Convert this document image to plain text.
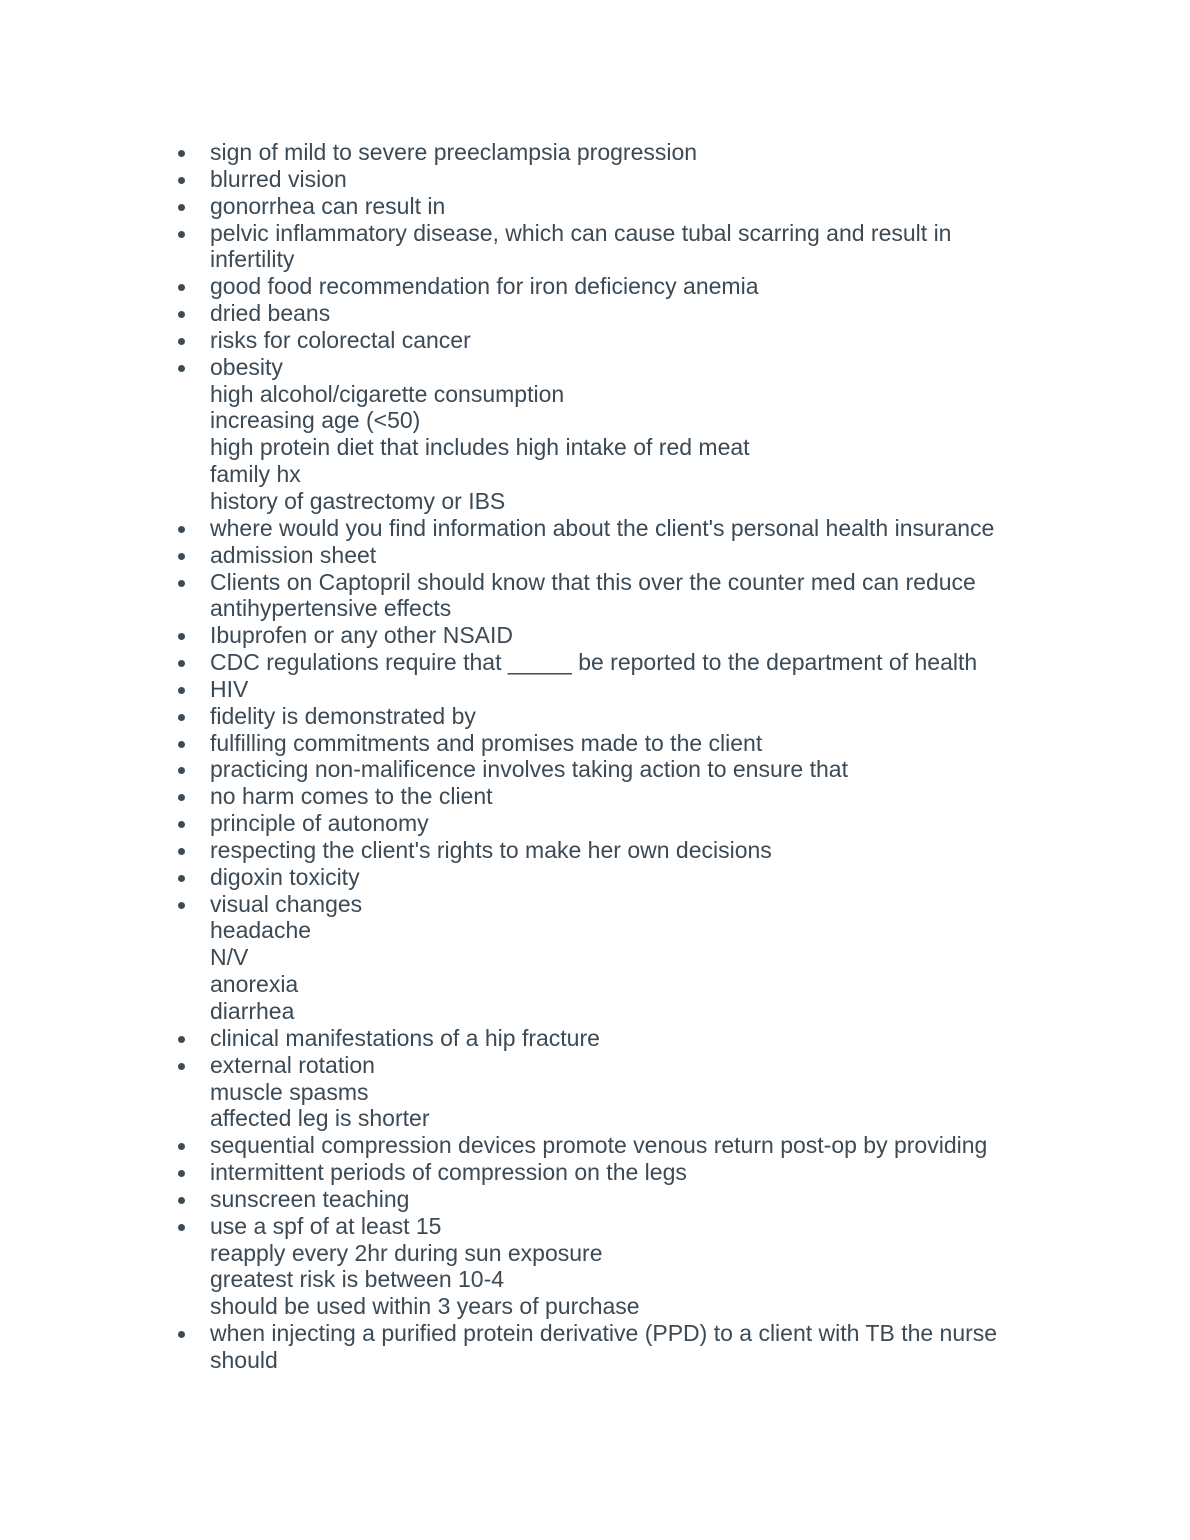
sign of mild to severe preeclampsia progression
blurred vision
gonorrhea can result in
pelvic inflammatory disease, which can cause tubal scarring and result in infertility
good food recommendation for iron deficiency anemia
dried beans
risks for colorectal cancer
obesity
high alcohol/cigarette consumption
increasing age (<50)
high protein diet that includes high intake of red meat
family hx
history of gastrectomy or IBS
where would you find information about the client's personal health insurance
admission sheet
Clients on Captopril should know that this over the counter med can reduce antihypertensive effects
Ibuprofen or any other NSAID
CDC regulations require that _____ be reported to the department of health
HIV
fidelity is demonstrated by
fulfilling commitments and promises made to the client
practicing non-malificence involves taking action to ensure that
no harm comes to the client
principle of autonomy
respecting the client's rights to make her own decisions
digoxin toxicity
visual changes
headache
N/V
anorexia
diarrhea
clinical manifestations of a hip fracture
external rotation
muscle spasms
affected leg is shorter
sequential compression devices promote venous return post-op by providing
intermittent periods of compression on the legs
sunscreen teaching
use a spf of at least 15
reapply every 2hr during sun exposure
greatest risk is between 10-4
should be used within 3 years of purchase
when injecting a purified protein derivative (PPD) to a client with TB the nurse should
